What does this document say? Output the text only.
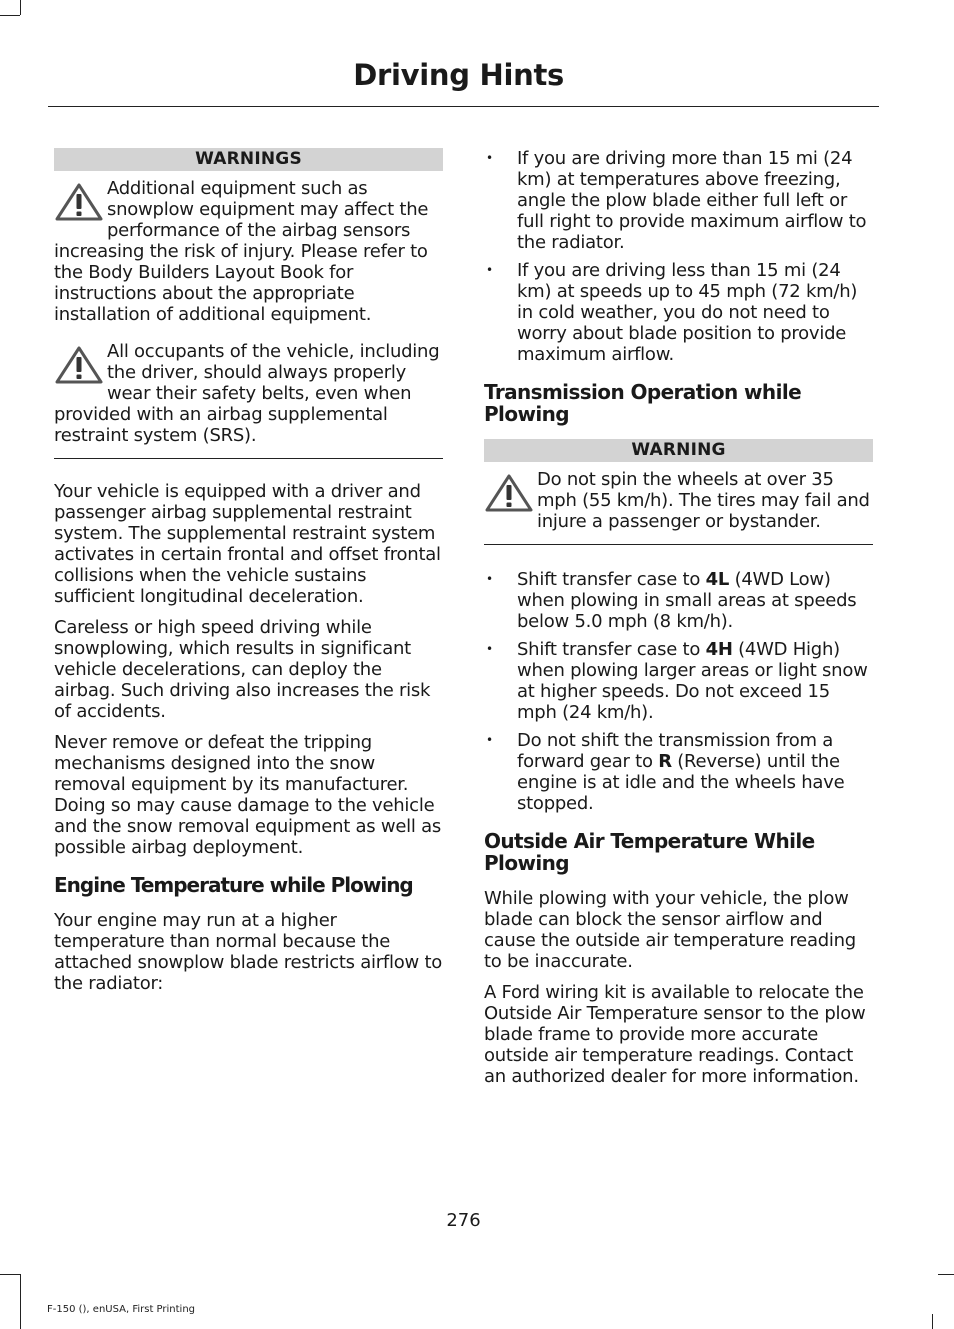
Driving Hints
WARNINGS
Additional equipment such as snowplow equipment may affect the performance of the airbag sensors increasing the risk of injury. Please refer to the Body Builders Layout Book for instructions about the appropriate installation of additional equipment.
All occupants of the vehicle, including the driver, should always properly wear their safety belts, even when provided with an airbag supplemental restraint system (SRS).

Your vehicle is equipped with a driver and passenger airbag supplemental restraint system. The supplemental restraint system activates in certain frontal and offset frontal collisions when the vehicle sustains sufficient longitudinal deceleration.

Careless or high speed driving while snowplowing, which results in significant vehicle decelerations, can deploy the airbag. Such driving also increases the risk of accidents.

Never remove or defeat the tripping mechanisms designed into the snow removal equipment by its manufacturer. Doing so may cause damage to the vehicle and the snow removal equipment as well as possible airbag deployment.

Engine Temperature while Plowing

Your engine may run at a higher temperature than normal because the attached snowplow blade restricts airflow to the radiator:

• If you are driving more than 15 mi (24 km) at temperatures above freezing, angle the plow blade either full left or full right to provide maximum airflow to the radiator.
• If you are driving less than 15 mi (24 km) at speeds up to 45 mph (72 km/h) in cold weather, you do not need to worry about blade position to provide maximum airflow.
Transmission Operation while Plowing
WARNING
Do not spin the wheels at over 35 mph (55 km/h). The tires may fail and injure a passenger or bystander.
• Shift transfer case to 4L (4WD Low) when plowing in small areas at speeds below 5.0 mph (8 km/h).
• Shift transfer case to 4H (4WD High) when plowing larger areas or light snow at higher speeds. Do not exceed 15 mph (24 km/h).
• Do not shift the transmission from a forward gear to R (Reverse) until the engine is at idle and the wheels have stopped.
Outside Air Temperature While Plowing

While plowing with your vehicle, the plow blade can block the sensor airflow and cause the outside air temperature reading to be inaccurate.

A Ford wiring kit is available to relocate the Outside Air Temperature sensor to the plow blade frame to provide more accurate outside air temperature readings. Contact an authorized dealer for more information.

276
F-150 (), enUSA, First Printing
